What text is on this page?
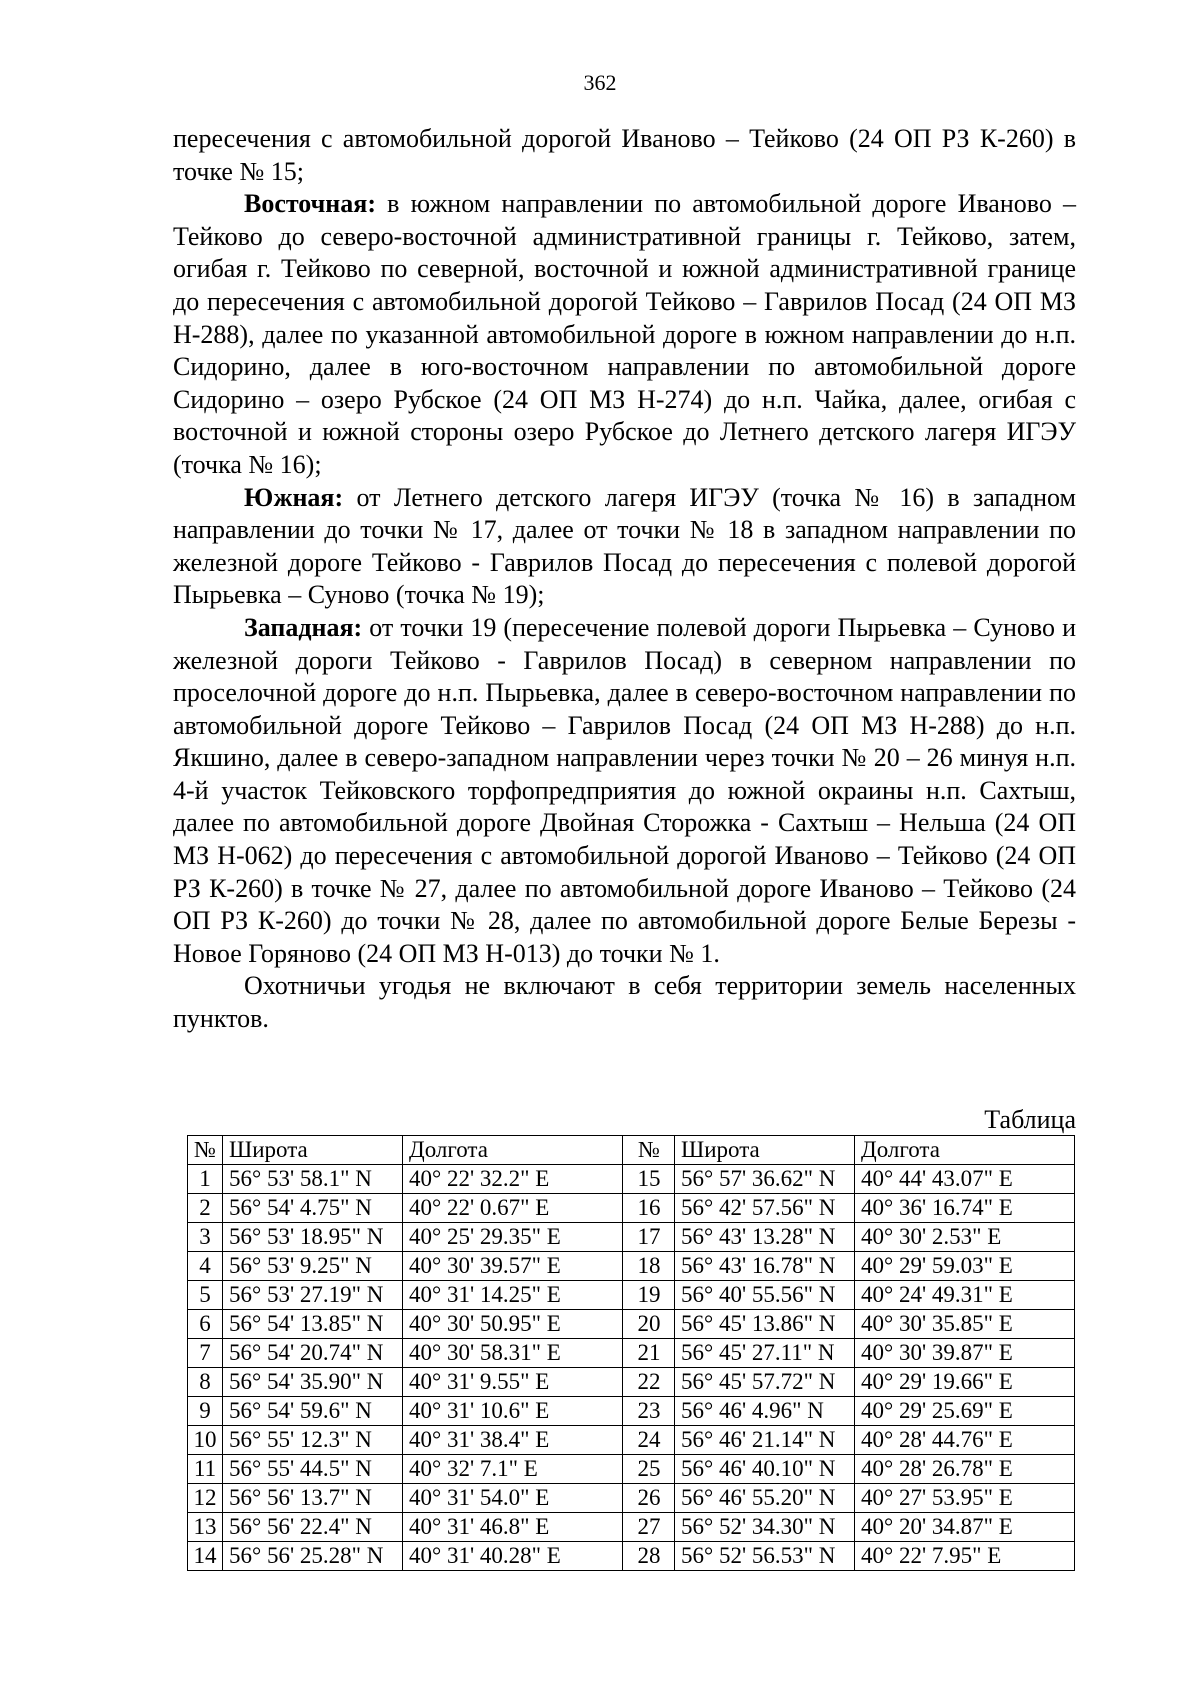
362

пересечения с автомобильной дорогой Иваново – Тейково (24 ОП РЗ К-260) в точке № 15;

Восточная: в южном направлении по автомобильной дороге Иваново – Тейково до северо-восточной административной границы г. Тейково, затем, огибая г. Тейково по северной, восточной и южной административной границе до пересечения с автомобильной дорогой Тейково – Гаврилов Посад (24 ОП МЗ Н-288), далее по указанной автомобильной дороге в южном направлении до н.п. Сидорино, далее в юго-восточном направлении по автомобильной дороге Сидорино – озеро Рубское (24 ОП МЗ Н-274) до н.п. Чайка, далее, огибая с восточной и южной стороны озеро Рубское до Летнего детского лагеря ИГЭУ (точка № 16);

Южная: от Летнего детского лагеря ИГЭУ (точка № 16) в западном направлении до точки № 17, далее от точки № 18 в западном направлении по железной дороге Тейково - Гаврилов Посад до пересечения с полевой дорогой Пырьевка – Суново (точка № 19);

Западная: от точки 19 (пересечение полевой дороги Пырьевка – Суново и железной дороги Тейково - Гаврилов Посад) в северном направлении по проселочной дороге до н.п. Пырьевка, далее в северо-восточном направлении по автомобильной дороге Тейково – Гаврилов Посад (24 ОП МЗ Н-288) до н.п. Якшино, далее в северо-западном направлении через точки № 20 – 26 минуя н.п. 4-й участок Тейковского торфопредприятия до южной окраины н.п. Сахтыш, далее по автомобильной дороге Двойная Сторожка - Сахтыш – Нельша (24 ОП МЗ Н-062) до пересечения с автомобильной дорогой Иваново – Тейково (24 ОП РЗ К-260) в точке № 27, далее по автомобильной дороге Иваново – Тейково (24 ОП РЗ К-260) до точки № 28, далее по автомобильной дороге Белые Березы - Новое Горяново (24 ОП МЗ Н-013) до точки № 1.

Охотничьи угодья не включают в себя территории земель населенных пунктов.

Таблица
№	Широта	Долгота	№	Широта	Долгота
1	56° 53' 58.1" N	40° 22' 32.2" E	15	56° 57' 36.62" N	40° 44' 43.07" E
2	56° 54' 4.75" N	40° 22' 0.67" E	16	56° 42' 57.56" N	40° 36' 16.74" E
3	56° 53' 18.95" N	40° 25' 29.35" E	17	56° 43' 13.28" N	40° 30' 2.53" E
4	56° 53' 9.25" N	40° 30' 39.57" E	18	56° 43' 16.78" N	40° 29' 59.03" E
5	56° 53' 27.19" N	40° 31' 14.25" E	19	56° 40' 55.56" N	40° 24' 49.31" E
6	56° 54' 13.85" N	40° 30' 50.95" E	20	56° 45' 13.86" N	40° 30' 35.85" E
7	56° 54' 20.74" N	40° 30' 58.31" E	21	56° 45' 27.11" N	40° 30' 39.87" E
8	56° 54' 35.90" N	40° 31' 9.55" E	22	56° 45' 57.72" N	40° 29' 19.66" E
9	56° 54' 59.6" N	40° 31' 10.6" E	23	56° 46' 4.96" N	40° 29' 25.69" E
10	56° 55' 12.3" N	40° 31' 38.4" E	24	56° 46' 21.14" N	40° 28' 44.76" E
11	56° 55' 44.5" N	40° 32' 7.1" E	25	56° 46' 40.10" N	40° 28' 26.78" E
12	56° 56' 13.7" N	40° 31' 54.0" E	26	56° 46' 55.20" N	40° 27' 53.95" E
13	56° 56' 22.4" N	40° 31' 46.8" E	27	56° 52' 34.30" N	40° 20' 34.87" E
14	56° 56' 25.28" N	40° 31' 40.28" E	28	56° 52' 56.53" N	40° 22' 7.95" E
